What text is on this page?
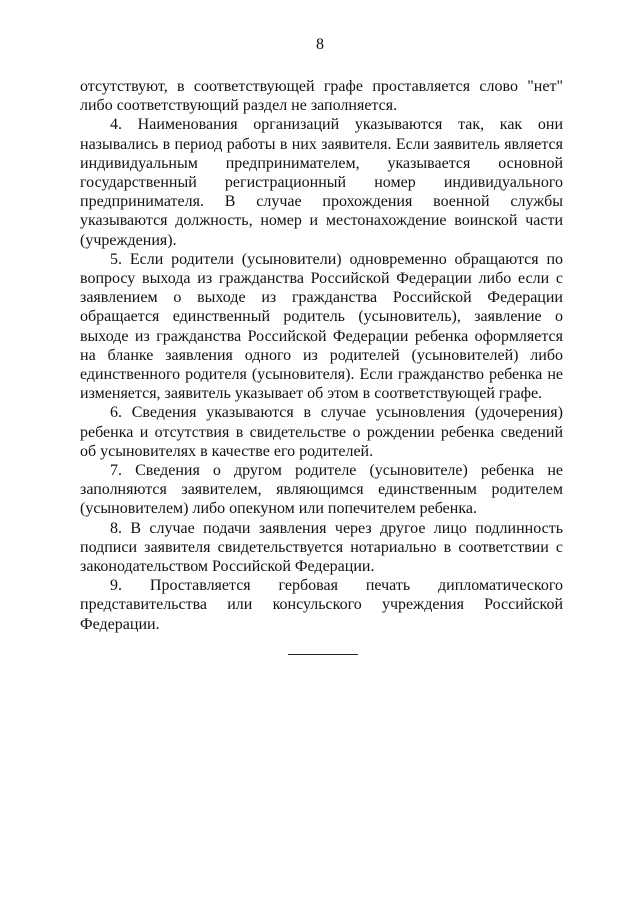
8

отсутствуют, в соответствующей графе проставляется слово "нет" либо соответствующий раздел не заполняется.

4. Наименования организаций указываются так, как они назывались в период работы в них заявителя. Если заявитель является индивидуальным предпринимателем, указывается основной государственный регистрационный номер индивидуального предпринимателя. В случае прохождения военной службы указываются должность, номер и местонахождение воинской части (учреждения).

5. Если родители (усыновители) одновременно обращаются по вопросу выхода из гражданства Российской Федерации либо если с заявлением о выходе из гражданства Российской Федерации обращается единственный родитель (усыновитель), заявление о выходе из гражданства Российской Федерации ребенка оформляется на бланке заявления одного из родителей (усыновителей) либо единственного родителя (усыновителя). Если гражданство ребенка не изменяется, заявитель указывает об этом в соответствующей графе.

6. Сведения указываются в случае усыновления (удочерения) ребенка и отсутствия в свидетельстве о рождении ребенка сведений об усыновителях в качестве его родителей.

7. Сведения о другом родителе (усыновителе) ребенка не заполняются заявителем, являющимся единственным родителем (усыновителем) либо опекуном или попечителем ребенка.

8. В случае подачи заявления через другое лицо подлинность подписи заявителя свидетельствуется нотариально в соответствии с законодательством Российской Федерации.

9. Проставляется гербовая печать дипломатического представительства или консульского учреждения Российской Федерации.
